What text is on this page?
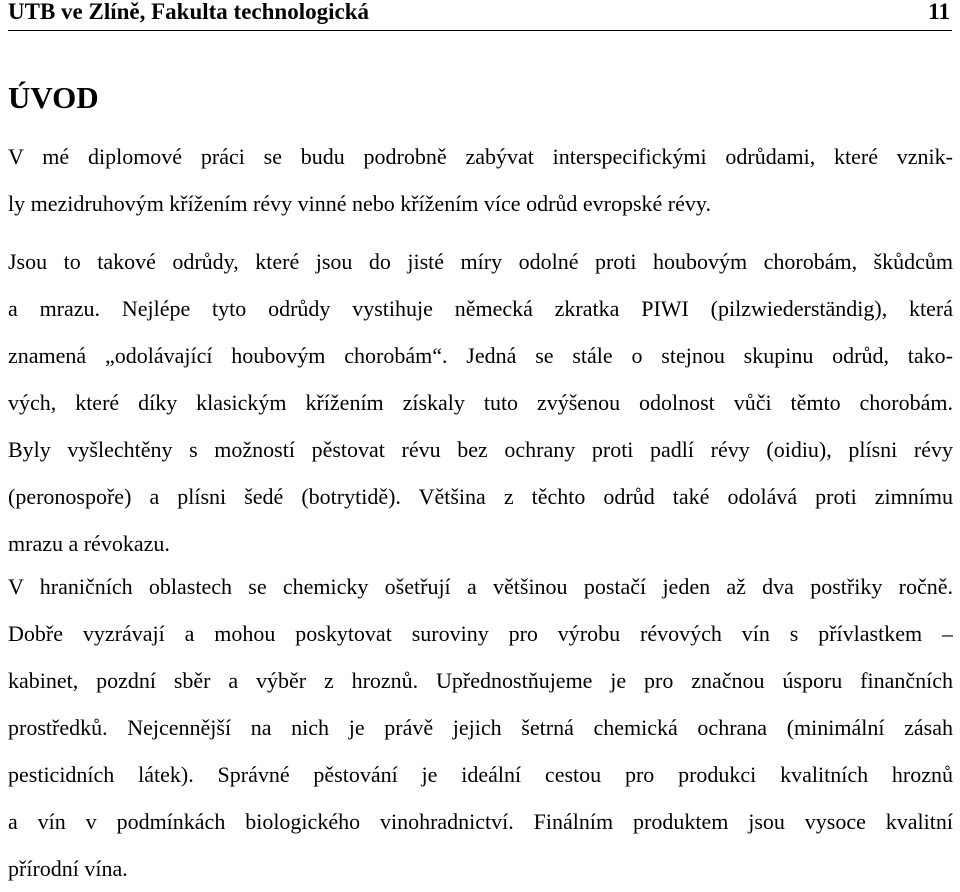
UTB ve Zlíně, Fakulta technologická	11
ÚVOD

V mé diplomové práci se budu podrobně zabývat interspecifickými odrůdami, které vznik-
ly mezidruhovým křížením révy vinné nebo křížením více odrůd evropské révy.

Jsou to takové odrůdy, které jsou do jisté míry odolné proti houbovým chorobám, škůdcům
a mrazu. Nejlépe tyto odrůdy vystihuje německá zkratka PIWI (pilzwiederständig), která
znamená „odolávající houbovým chorobám“. Jedná se stále o stejnou skupinu odrůd, tako-
vých, které díky klasickým křížením získaly tuto zvýšenou odolnost vůči těmto chorobám.
Byly vyšlechtěny s možností pěstovat révu bez ochrany proti padlí révy (oidiu), plísni révy
(peronospoře) a plísni šedé (botrytidě). Většina z těchto odrůd také odolává proti zimnímu
mrazu a révokazu.

V hraničních oblastech se chemicky ošetřují a většinou postačí jeden až dva postřiky ročně.
Dobře vyzrávají a mohou poskytovat suroviny pro výrobu révových vín s přívlastkem –
kabinet, pozdní sběr a výběr z hroznů. Upřednostňujeme je pro značnou úsporu finančních
prostředků. Nejcennější na nich je právě jejich šetrná chemická ochrana (minimální zásah
pesticidních látek). Správné pěstování je ideální cestou pro produkci kvalitních hroznů
a vín v podmínkách biologického vinohradnictví. Finálním produktem jsou vysoce kvalitní
přírodní vína.
